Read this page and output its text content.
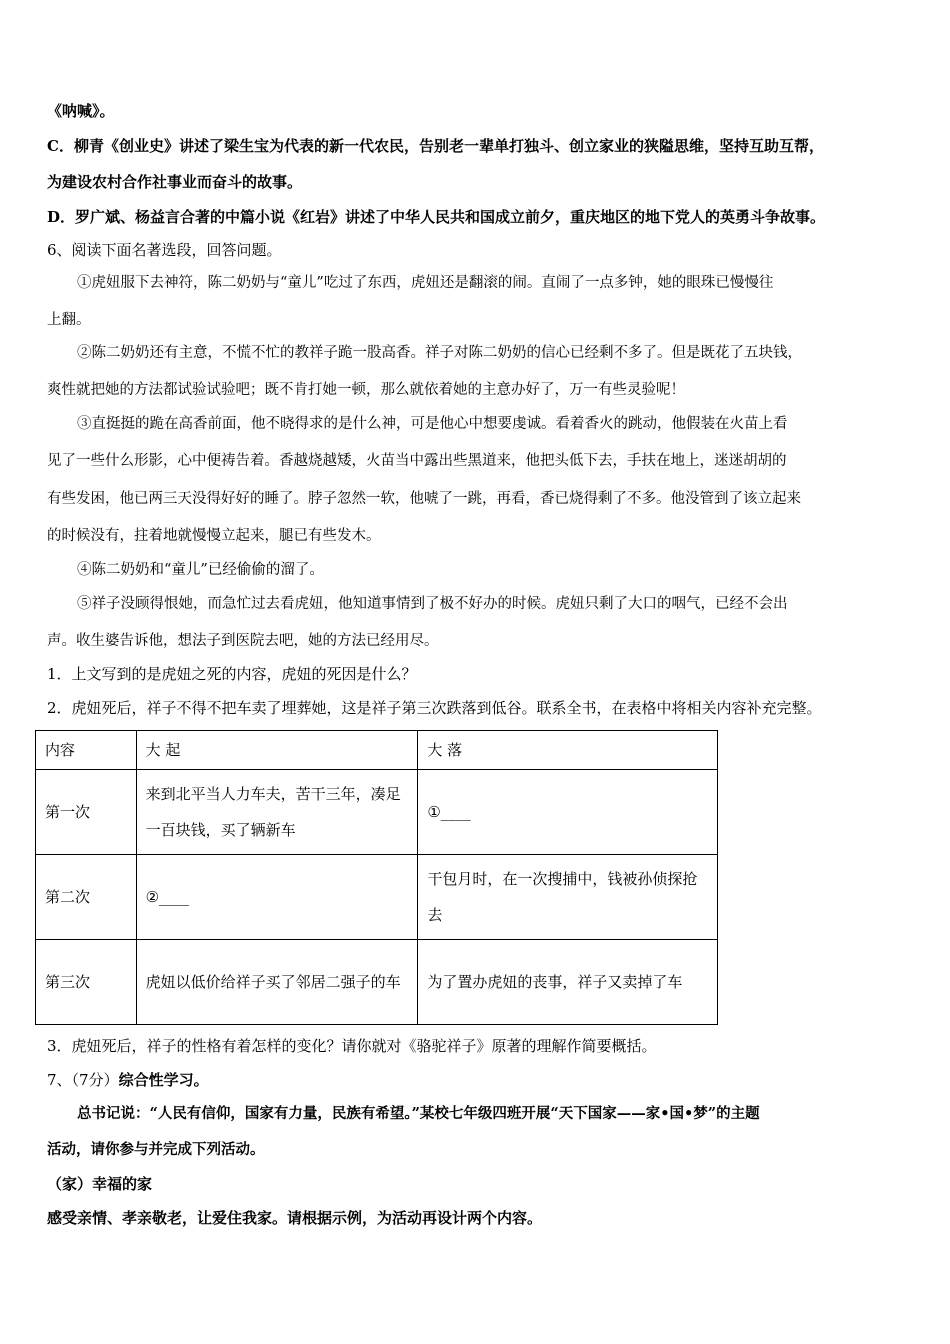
《呐喊》。
C．柳青《创业史》讲述了梁生宝为代表的新一代农民，告别老一辈单打独斗、创立家业的狭隘思维，坚持互助互帮，
为建设农村合作社事业而奋斗的故事。
D．罗广斌、杨益言合著的中篇小说《红岩》讲述了中华人民共和国成立前夕，重庆地区的地下党人的英勇斗争故事。
6、阅读下面名著选段，回答问题。
①虎妞服下去神符，陈二奶奶与“童儿”吃过了东西，虎妞还是翻滚的闹。直闹了一点多钟，她的眼珠已慢慢往
上翻。
②陈二奶奶还有主意，不慌不忙的教祥子跪一股高香。祥子对陈二奶奶的信心已经剩不多了。但是既花了五块钱，
爽性就把她的方法都试验试验吧；既不肯打她一顿，那么就依着她的主意办好了，万一有些灵验呢！
③直挺挺的跪在高香前面，他不晓得求的是什么神，可是他心中想要虔诚。看着香火的跳动，他假装在火苗上看
见了一些什么形影，心中便祷告着。香越烧越矮，火苗当中露出些黑道来，他把头低下去，手扶在地上，迷迷胡胡的
有些发困，他已两三天没得好好的睡了。脖子忽然一软，他唬了一跳，再看，香已烧得剩了不多。他没管到了该立起来
的时候没有，拄着地就慢慢立起来，腿已有些发木。
④陈二奶奶和“童儿”已经偷偷的溜了。
⑤祥子没顾得恨她，而急忙过去看虎妞，他知道事情到了极不好办的时候。虎妞只剩了大口的咽气，已经不会出
声。收生婆告诉他，想法子到医院去吧，她的方法已经用尽。
1．上文写到的是虎妞之死的内容，虎妞的死因是什么？
2．虎妞死后，祥子不得不把车卖了埋葬她，这是祥子第三次跌落到低谷。联系全书，在表格中将相关内容补充完整。
内容	大 起	大 落
第一次	来到北平当人力车夫，苦干三年，凑足一百块钱，买了辆新车	①____
第二次	②____	干包月时，在一次搜捕中，钱被孙侦探抢去
第三次	虎妞以低价给祥子买了邻居二强子的车	为了置办虎妞的丧事，祥子又卖掉了车
3．虎妞死后，祥子的性格有着怎样的变化？请你就对《骆驼祥子》原著的理解作简要概括。
7、（7分）综合性学习。
总书记说：“人民有信仰，国家有力量，民族有希望。”某校七年级四班开展“天下国家——家•国•梦”的主题
活动，请你参与并完成下列活动。
（家）幸福的家
感受亲情、孝亲敬老，让爱住我家。请根据示例，为活动再设计两个内容。
